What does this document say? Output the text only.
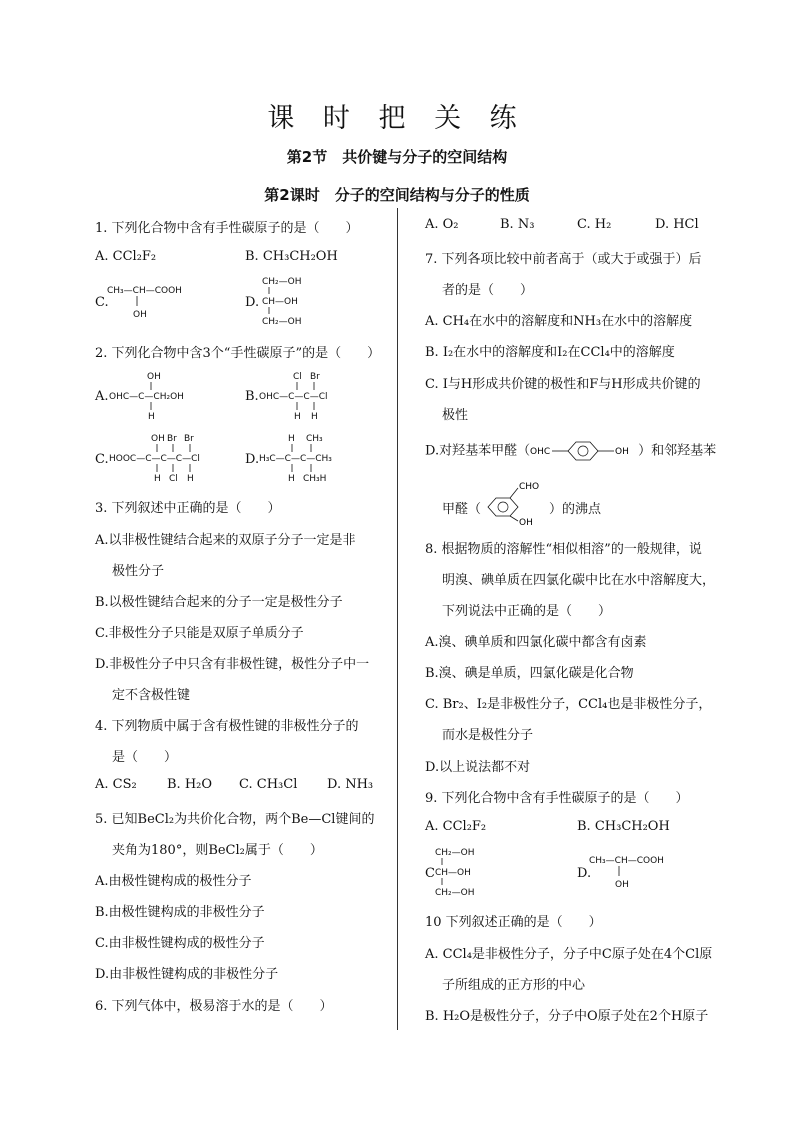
课 时 把 关 练
第2节　共价键与分子的空间结构
第2课时　分子的空间结构与分子的性质
1. 下列化合物中含有手性碳原子的是（　　）
A. CCl₂F₂	B. CH₃CH₂OH
C.
CH₃—CH—COOH
OH
D.
CH₂—OH
CH—OH
CH₂—OH
2. 下列化合物中含3个“手性碳原子”的是（　　）
A.
OH
OHC—C—CH₂OH
H
B.
Cl Br
OHC—C—C—Cl
H H
C.
OH Br Br
HOOC—C—C—C—Cl
H Cl H
D.
H CH₃
H₃C—C—C—CH₃
H CH₃H
3. 下列叙述中正确的是（　　）
A.以非极性键结合起来的双原子分子一定是非
极性分子
B.以极性键结合起来的分子一定是极性分子
C.非极性分子只能是双原子单质分子
D.非极性分子中只含有非极性键，极性分子中一
定不含极性键
4. 下列物质中属于含有极性键的非极性分子的
是（　　）
A. CS₂ B. H₂O C. CH₃Cl D. NH₃
5. 已知BeCl₂为共价化合物，两个Be—Cl键间的
夹角为180°，则BeCl₂属于（　　）
A.由极性键构成的极性分子
B.由极性键构成的非极性分子
C.由非极性键构成的极性分子
D.由非极性键构成的非极性分子
6. 下列气体中，极易溶于水的是（　　）
A. O₂	B. N₃	C. H₂	D. HCl
7. 下列各项比较中前者高于（或大于或强于）后
者的是（　　）
A. CH₄在水中的溶解度和NH₃在水中的溶解度
B. I₂在水中的溶解度和I₂在CCl₄中的溶解度
C. I与H形成共价键的极性和F与H形成共价键的
极性
D.对羟基苯甲醛（ OHC	OH ）和邻羟基苯
甲醛（
CHO
OH
）的沸点
8. 根据物质的溶解性“相似相溶”的一般规律，说
明溴、碘单质在四氯化碳中比在水中溶解度大，
下列说法中正确的是（　　）
A.溴、碘单质和四氯化碳中都含有卤素
B.溴、碘是单质，四氯化碳是化合物
C. Br₂、I₂是非极性分子，CCl₄也是非极性分子，
而水是极性分子
D.以上说法都不对
9. 下列化合物中含有手性碳原子的是（　　）
A. CCl₂F₂	B. CH₃CH₂OH
C
CH₂—OH
CH—OH
CH₂—OH
D.
CH₃—CH—COOH
OH
10 下列叙述正确的是（　　）
A. CCl₄是非极性分子，分子中C原子处在4个Cl原
子所组成的正方形的中心
B. H₂O是极性分子，分子中O原子处在2个H原子
